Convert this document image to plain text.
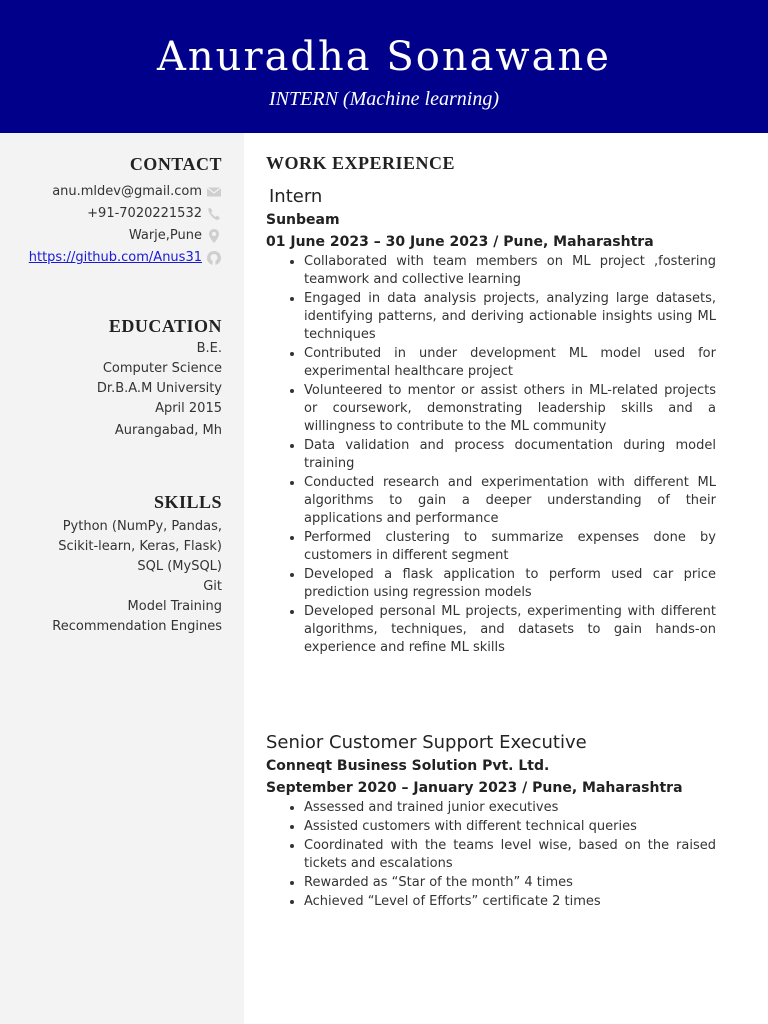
Anuradha Sonawane
INTERN (Machine learning)
CONTACT
anu.mldev@gmail.com
+91-7020221532
Warje,Pune
https://github.com/Anus31
EDUCATION
B.E.
Computer Science
Dr.B.A.M University
April 2015
Aurangabad, Mh
SKILLS
Python (NumPy, Pandas,
Scikit-learn, Keras, Flask)
SQL (MySQL)
Git
Model Training
Recommendation Engines
WORK EXPERIENCE
Intern
Sunbeam
01 June 2023 – 30 June 2023 / Pune, Maharashtra
• Collaborated with team members on ML project ,fostering teamwork and collective learning
• Engaged in data analysis projects, analyzing large datasets, identifying patterns, and deriving actionable insights using ML techniques
• Contributed in under development ML model used for experimental healthcare project
• Volunteered to mentor or assist others in ML-related projects or coursework, demonstrating leadership skills and a willingness to contribute to the ML community
• Data validation and process documentation during model training
• Conducted research and experimentation with different ML algorithms to gain a deeper understanding of their applications and performance
• Performed clustering to summarize expenses done by customers in different segment
• Developed a flask application to perform used car price prediction using regression models
• Developed personal ML projects, experimenting with different algorithms, techniques, and datasets to gain hands-on experience and refine ML skills
Senior Customer Support Executive
Conneqt Business Solution Pvt. Ltd.
September 2020 – January 2023 / Pune, Maharashtra
• Assessed and trained junior executives
• Assisted customers with different technical queries
• Coordinated with the teams level wise, based on the raised tickets and escalations
• Rewarded as “Star of the month” 4 times
• Achieved “Level of Efforts” certificate 2 times
